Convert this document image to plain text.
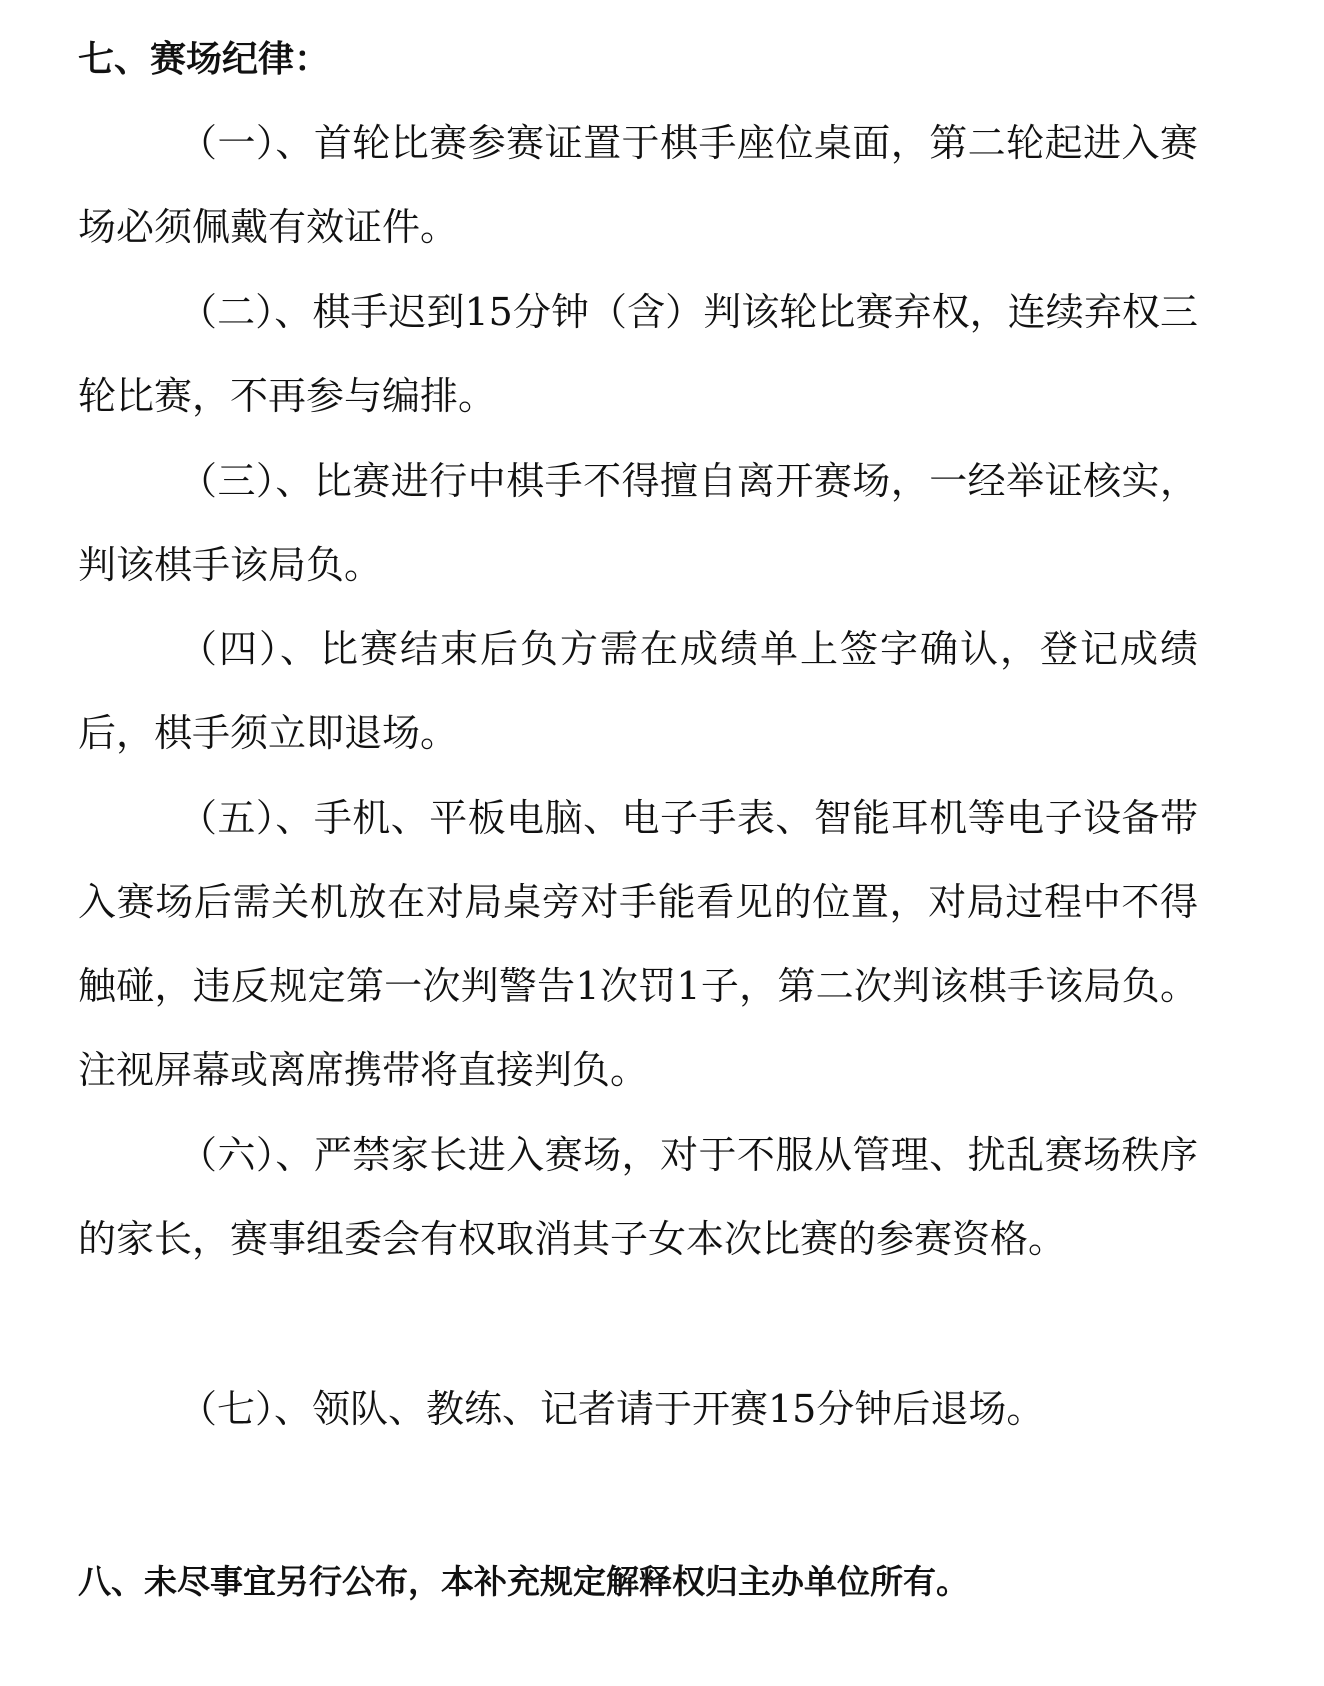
七、赛场纪律：

（一）、首轮比赛参赛证置于棋手座位桌面，第二轮起进入赛场必须佩戴有效证件。

（二）、棋手迟到15分钟（含）判该轮比赛弃权，连续弃权三轮比赛，不再参与编排。

（三）、比赛进行中棋手不得擅自离开赛场，一经举证核实，判该棋手该局负。

（四）、比赛结束后负方需在成绩单上签字确认，登记成绩后，棋手须立即退场。

（五）、手机、平板电脑、电子手表、智能耳机等电子设备带入赛场后需关机放在对局桌旁对手能看见的位置，对局过程中不得触碰，违反规定第一次判警告1次罚1子，第二次判该棋手该局负。注视屏幕或离席携带将直接判负。

（六）、严禁家长进入赛场，对于不服从管理、扰乱赛场秩序的家长，赛事组委会有权取消其子女本次比赛的参赛资格。

（七）、领队、教练、记者请于开赛15分钟后退场。

八、未尽事宜另行公布，本补充规定解释权归主办单位所有。
